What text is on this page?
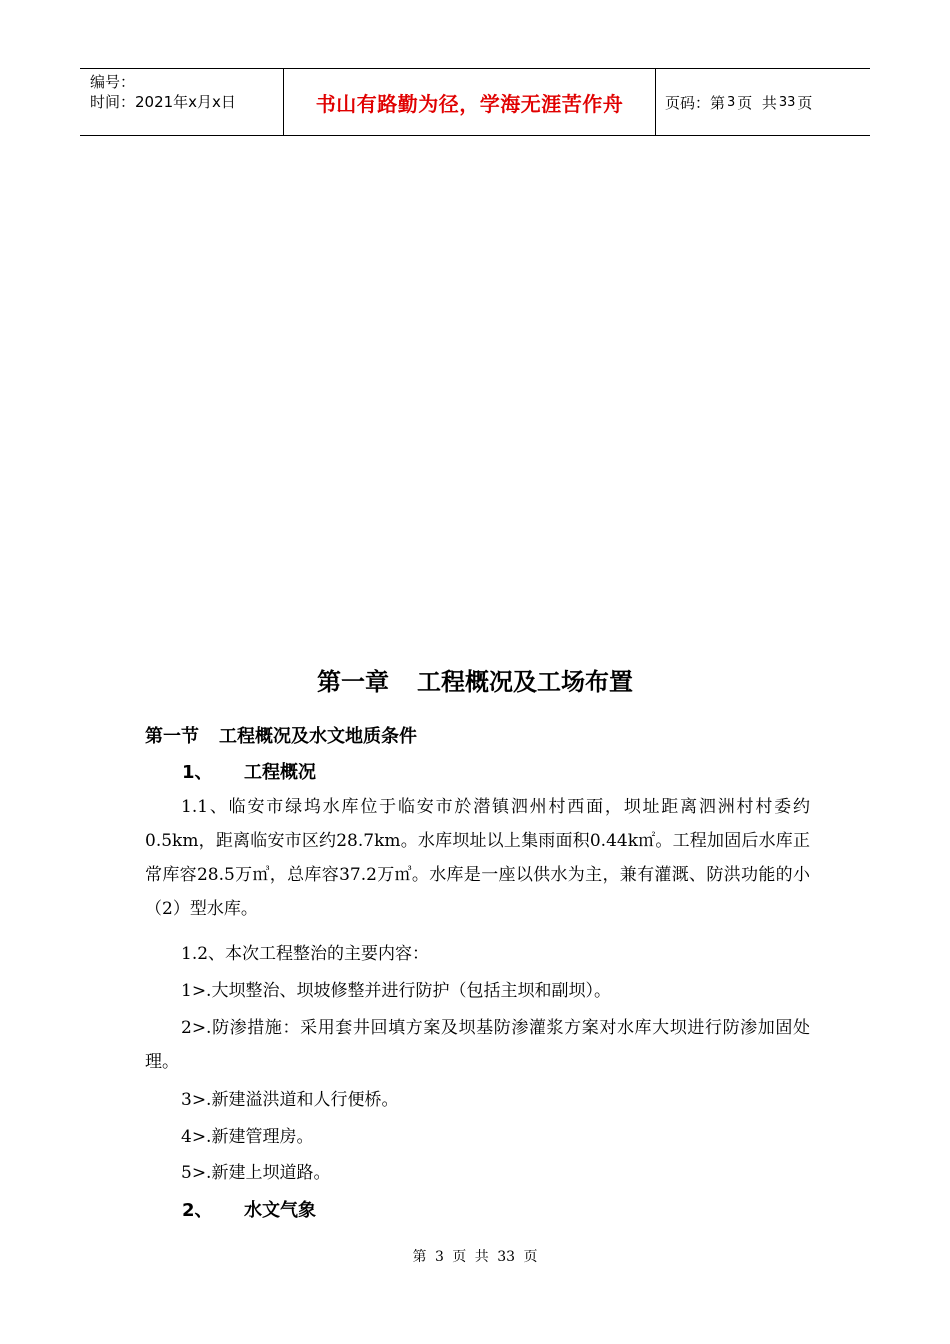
编号：
时间：2021年x月x日	书山有路勤为径，学海无涯苦作舟	页码：第 3 页  共 33 页
第一章 工程概况及工场布置
第一节 工程概况及水文地质条件
1、 工程概况
1.1、临安市绿坞水库位于临安市於潜镇泗州村西面，坝址距离泗洲村村委约0.5km，距离临安市区约28.7km。水库坝址以上集雨面积0.44k㎡。工程加固后水库正常库容28.5万㎥，总库容37.2万㎥。水库是一座以供水为主，兼有灌溉、防洪功能的小（2）型水库。
1.2、本次工程整治的主要内容：
1>.大坝整治、坝坡修整并进行防护（包括主坝和副坝）。
2>.防渗措施：采用套井回填方案及坝基防渗灌浆方案对水库大坝进行防渗加固处理。
3>.新建溢洪道和人行便桥。
4>.新建管理房。
5>.新建上坝道路。
2、 水文气象
第 3 页 共 33 页
